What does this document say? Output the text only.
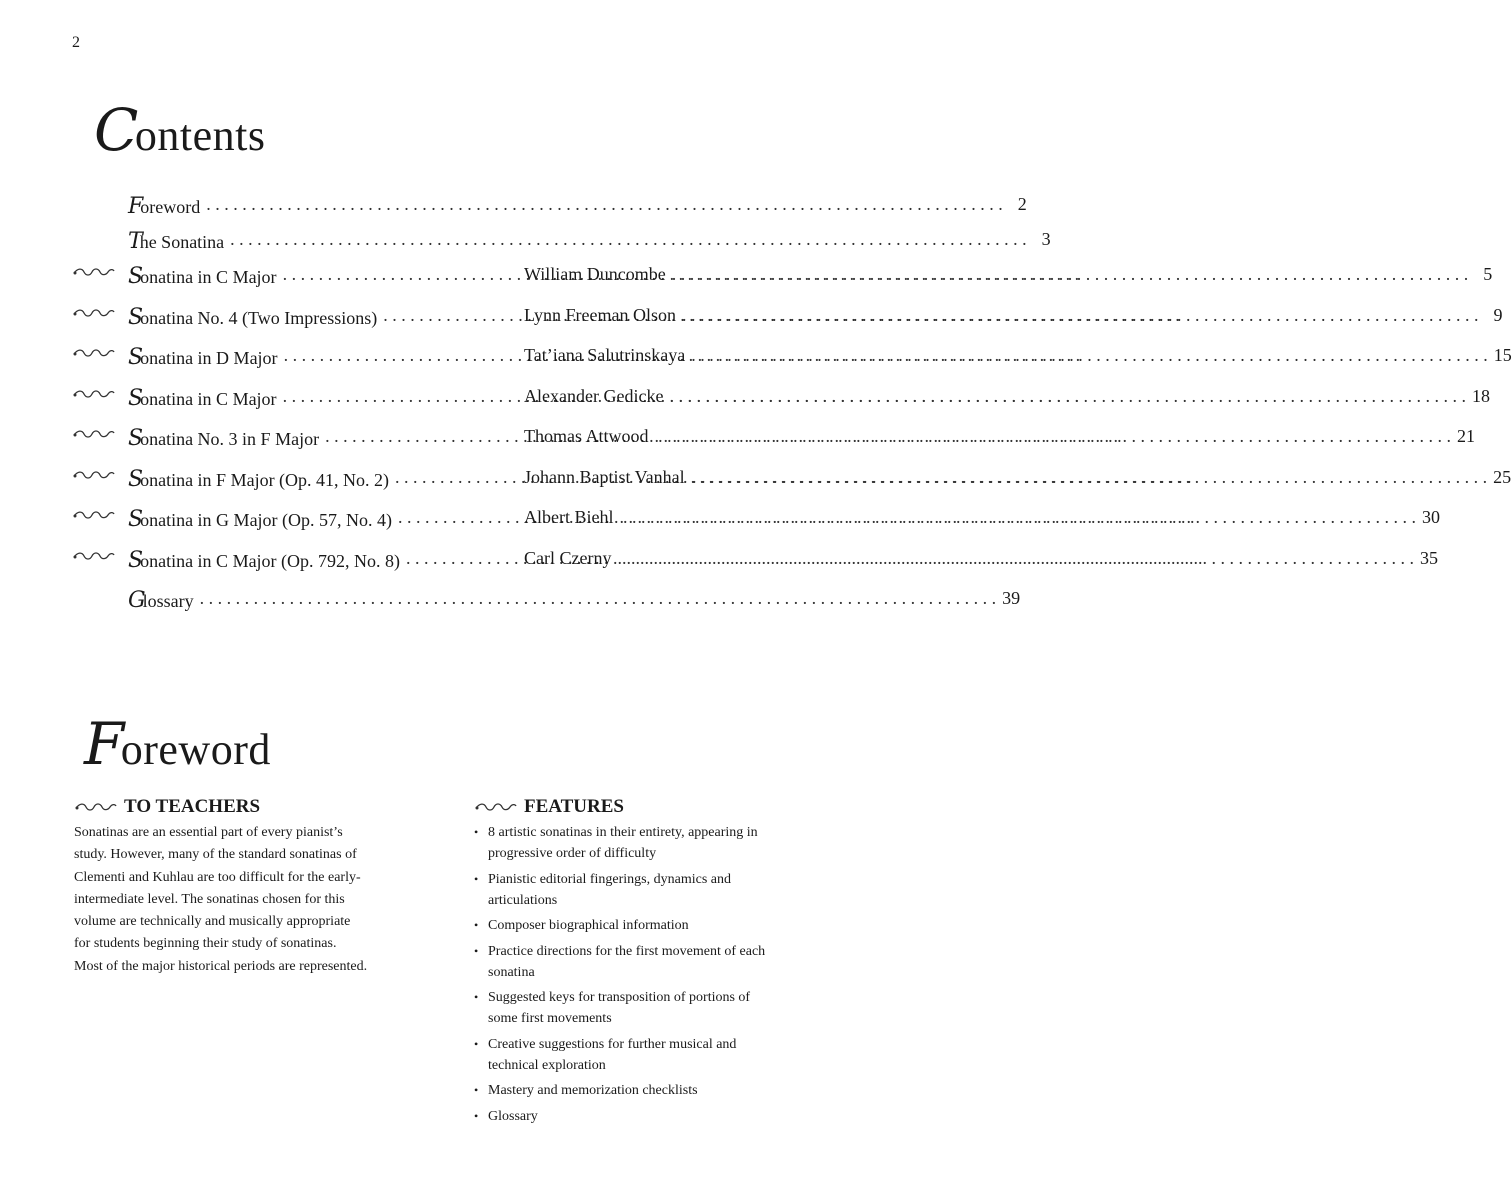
2
Contents
Foreword . . .	2
The Sonatina . . .	3
Sonatina in C Major . . .	William Duncombe . . .	5
Sonatina No. 4 (Two Impressions) . . .	Lynn Freeman Olson . . .	9
Sonatina in D Major . . .	Tat’iana Salutrinskaya . . .	15
Sonatina in C Major . . .	Alexander Gedicke . . .	18
Sonatina No. 3 in F Major . . .	Thomas Attwood . . .	21
Sonatina in F Major (Op. 41, No. 2) . . .	Johann Baptist Vanhal . . .	25
Sonatina in G Major (Op. 57, No. 4) . . .	Albert Biehl . . .	30
Sonatina in C Major (Op. 792, No. 8) . . .	Carl Czerny . . .	35
Glossary . . .	39
Foreword
TO TEACHERS

Sonatinas are an essential part of every pianist’s
study. However, many of the standard sonatinas of
Clementi and Kuhlau are too difficult for the early-
intermediate level. The sonatinas chosen for this
volume are technically and musically appropriate
for students beginning their study of sonatinas.
Most of the major historical periods are represented.

FEATURES
• 8 artistic sonatinas in their entirety, appearing in
progressive order of difficulty
• Pianistic editorial fingerings, dynamics and
articulations
• Composer biographical information
• Practice directions for the first movement of each
sonatina
• Suggested keys for transposition of portions of
some first movements
• Creative suggestions for further musical and
technical exploration
• Mastery and memorization checklists
• Glossary
